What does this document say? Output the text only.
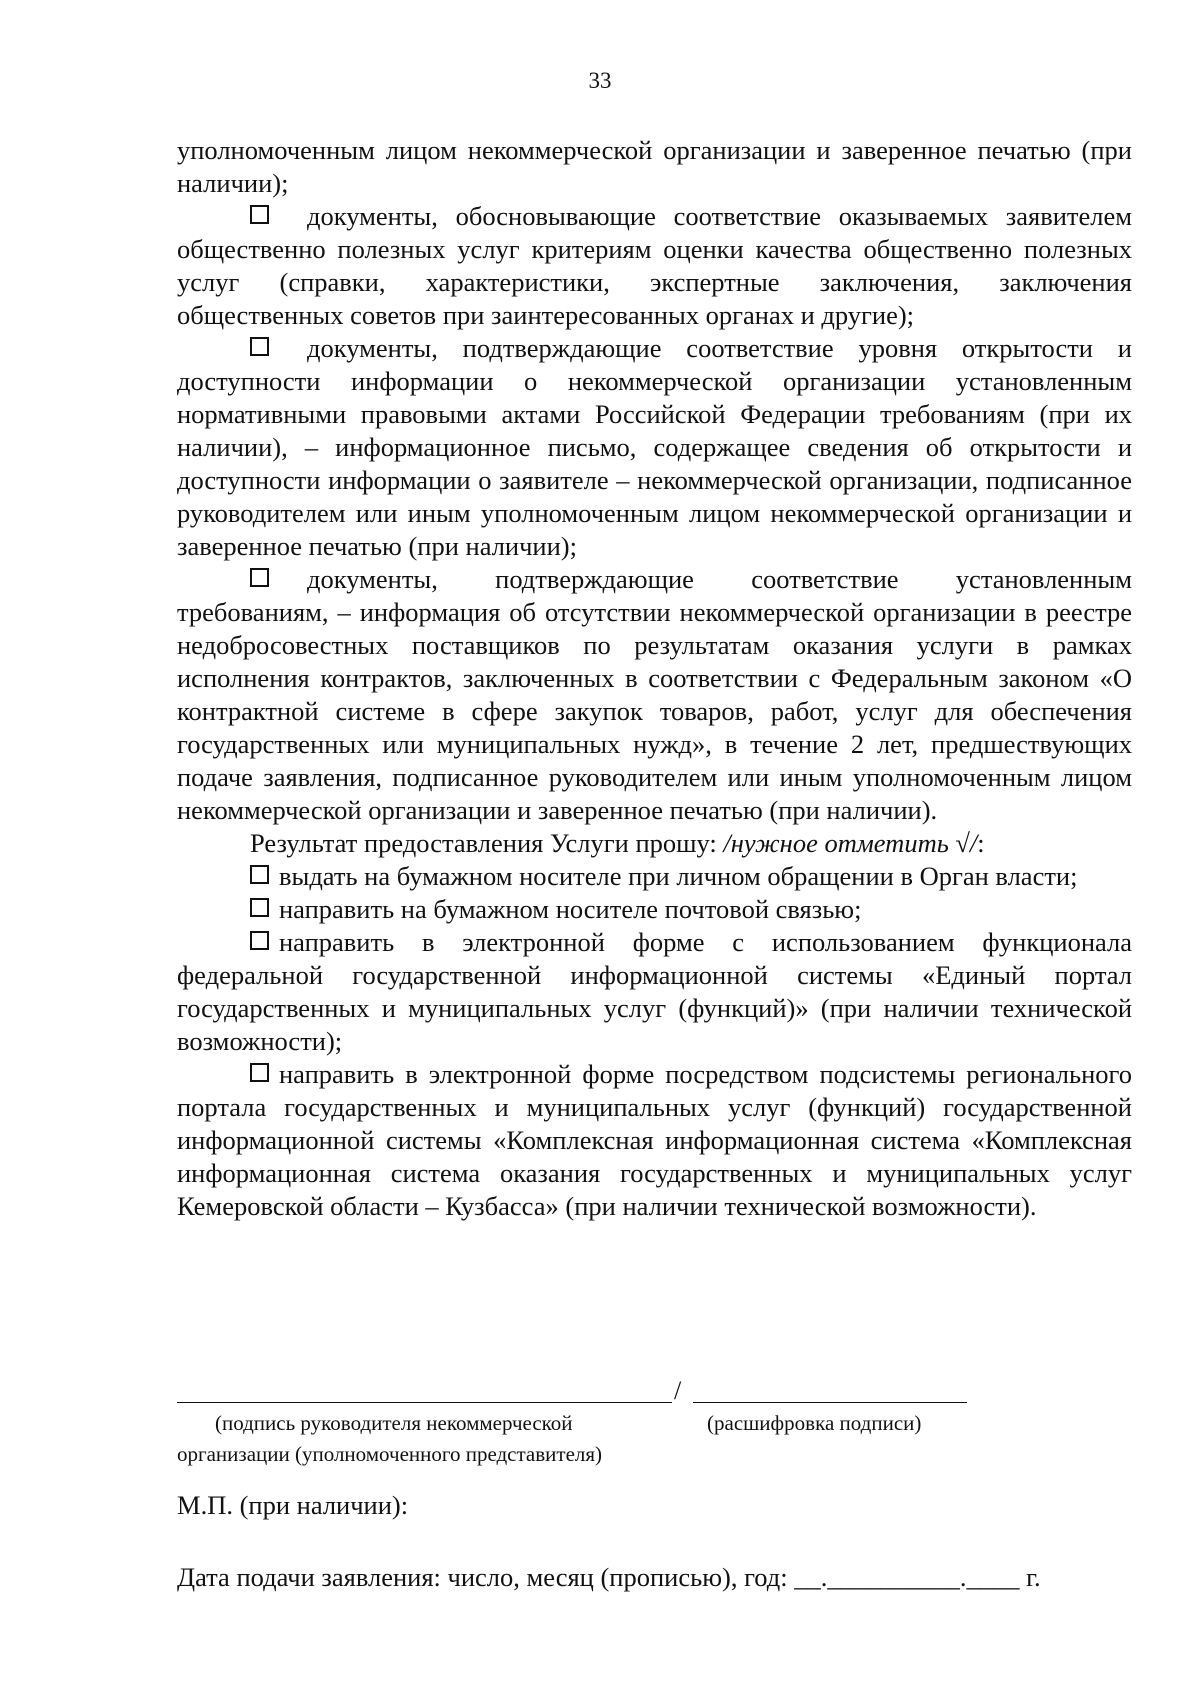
33

уполномоченным лицом некоммерческой организации и заверенное печатью (при наличии);

документы, обосновывающие соответствие оказываемых заявителем общественно полезных услуг критериям оценки качества общественно полезных услуг (справки, характеристики, экспертные заключения, заключения общественных советов при заинтересованных органах и другие);

документы, подтверждающие соответствие уровня открытости и доступности информации о некоммерческой организации установленным нормативными правовыми актами Российской Федерации требованиям (при их наличии), – информационное письмо, содержащее сведения об открытости и доступности информации о заявителе – некоммерческой организации, подписанное руководителем или иным уполномоченным лицом некоммерческой организации и заверенное печатью (при наличии);

документы, подтверждающие соответствие установленным требованиям, – информация об отсутствии некоммерческой организации в реестре недобросовестных поставщиков по результатам оказания услуги в рамках исполнения контрактов, заключенных в соответствии с Федеральным законом «О контрактной системе в сфере закупок товаров, работ, услуг для обеспечения государственных или муниципальных нужд», в течение 2 лет, предшествующих подаче заявления, подписанное руководителем или иным уполномоченным лицом некоммерческой организации и заверенное печатью (при наличии).

Результат предоставления Услуги прошу: /нужное отметить √/:

выдать на бумажном носителе при личном обращении в Орган власти;

направить на бумажном носителе почтовой связью;

направить в электронной форме с использованием функционала федеральной государственной информационной системы «Единый портал государственных и муниципальных услуг (функций)» (при наличии технической возможности);

направить в электронной форме посредством подсистемы регионального портала государственных и муниципальных услуг (функций) государственной информационной системы «Комплексная информационная система «Комплексная информационная система оказания государственных и муниципальных услуг Кемеровской области – Кузбасса» (при наличии технической возможности).

/
(подпись руководителя некоммерческой
организации (уполномоченного представителя)
(расшифровка подписи)
М.П. (при наличии):
Дата подачи заявления: число, месяц (прописью), год: __.__________.____ г.
